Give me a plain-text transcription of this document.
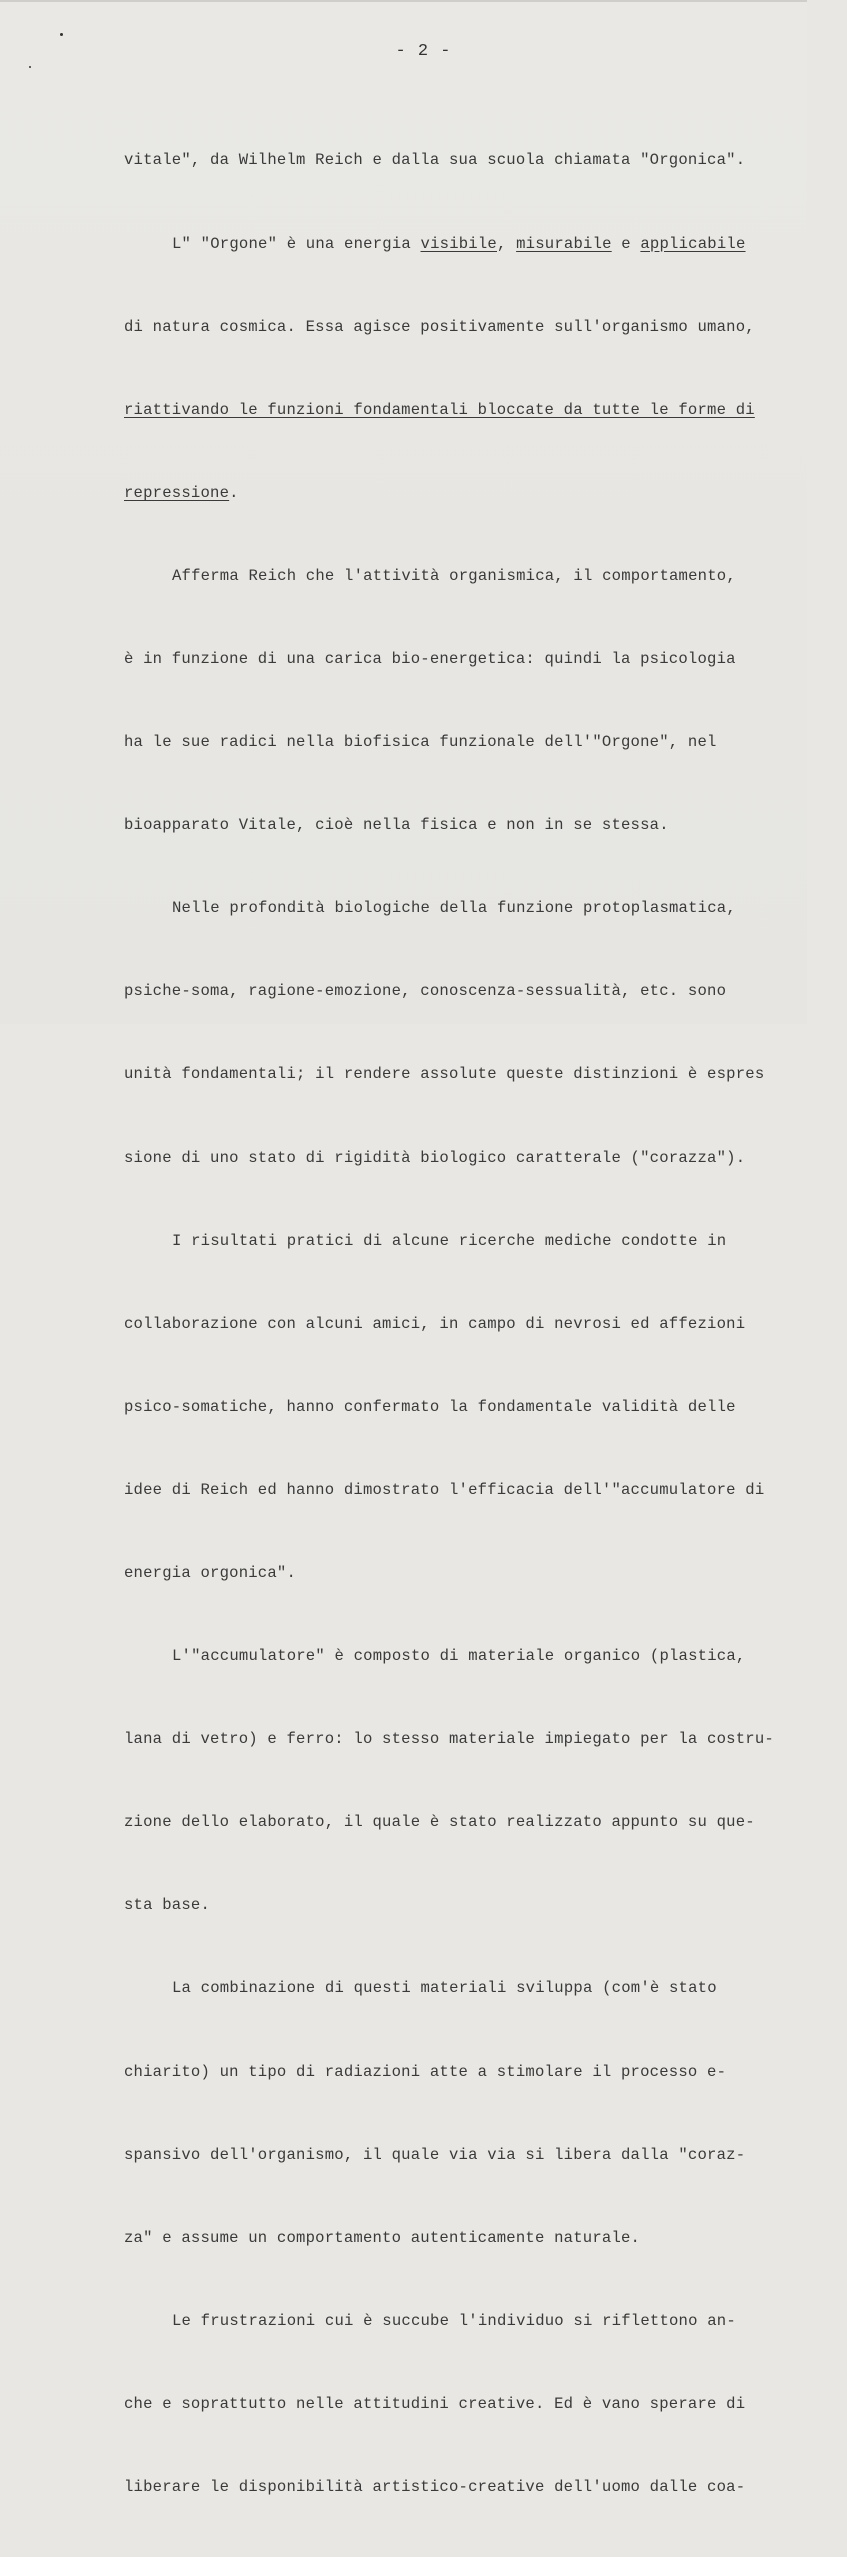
- 2 -

vitale", da Wilhelm Reich e dalla sua scuola chiamata "Orgonica".

L" "Orgone" è una energia visibile, misurabile e applicabile

di natura cosmica. Essa agisce positivamente sull'organismo umano,

riattivando le funzioni fondamentali bloccate da tutte le forme di

repressione.

Afferma Reich che l'attività organismica, il comportamento,

è in funzione di una carica bio-energetica: quindi la psicologia

ha le sue radici nella biofisica funzionale dell'"Orgone", nel

bioapparato Vitale, cioè nella fisica e non in se stessa.

Nelle profondità biologiche della funzione protoplasmatica,

psiche-soma, ragione-emozione, conoscenza-sessualità, etc. sono

unità fondamentali; il rendere assolute queste distinzioni è espres

sione di uno stato di rigidità biologico caratterale ("corazza").

I risultati pratici di alcune ricerche mediche condotte in

collaborazione con alcuni amici, in campo di nevrosi ed affezioni

psico-somatiche, hanno confermato la fondamentale validità delle

idee di Reich ed hanno dimostrato l'efficacia dell'"accumulatore di

energia orgonica".

L'"accumulatore" è composto di materiale organico (plastica,

lana di vetro) e ferro: lo stesso materiale impiegato per la costru-

zione dello elaborato, il quale è stato realizzato appunto su que-

sta base.

La combinazione di questi materiali sviluppa (com'è stato

chiarito) un tipo di radiazioni atte a stimolare il processo e-

spansivo dell'organismo, il quale via via si libera dalla "coraz-

za" e assume un comportamento autenticamente naturale.

Le frustrazioni cui è succube l'individuo si riflettono an-

che e soprattutto nelle attitudini creative. Ed è vano sperare di

liberare le disponibilità artistico-creative dell'uomo dalle coa-
